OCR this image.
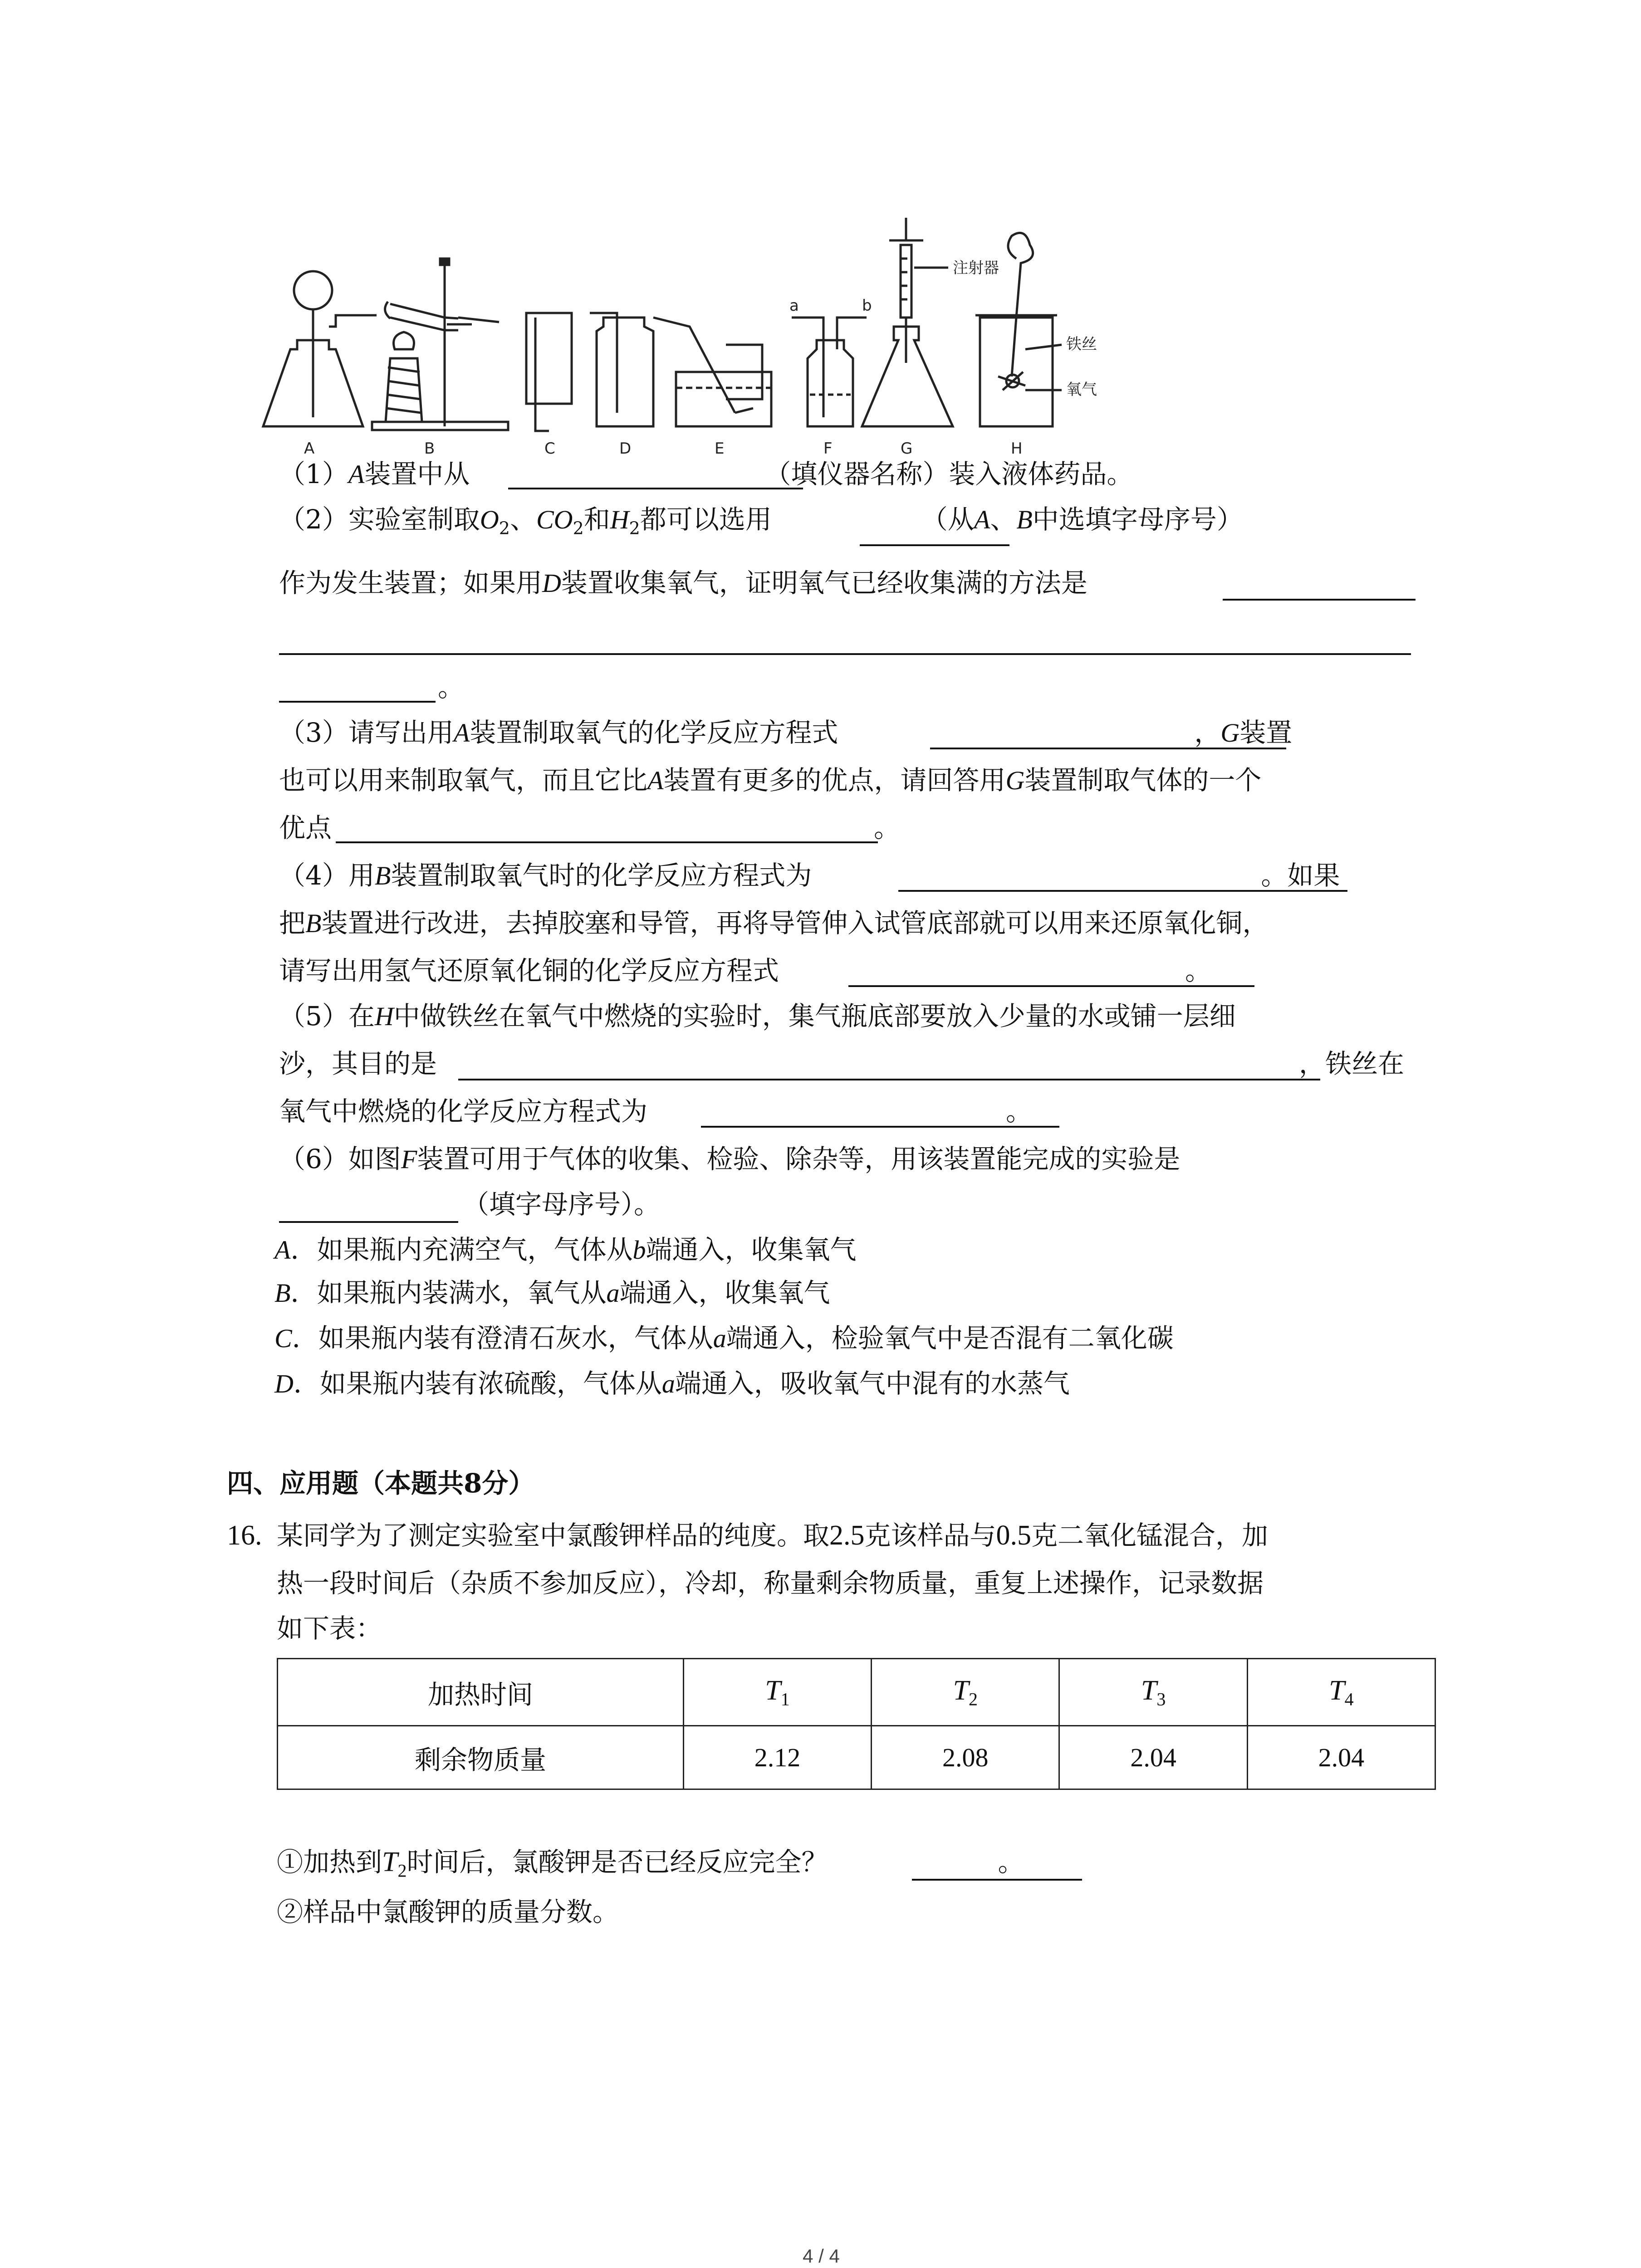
A	B	C	D	E	F	G	H
a	b
注射器
铁丝
氧气
（1）A装置中从	（填仪器名称）装入液体药品。
（2）实验室制取$O_2$、$CO_2$和$H_2$都可以选用	（从A、B中选填字母序号）
作为发生装置；如果用D装置收集氧气，证明氧气已经收集满的方法是
。
（3）请写出用A装置制取氧气的化学反应方程式	，G装置
也可以用来制取氧气，而且它比A装置有更多的优点，请回答用G装置制取气体的一个
优点	。
（4）用B装置制取氧气时的化学反应方程式为	。如果
把B装置进行改进，去掉胶塞和导管，再将导管伸入试管底部就可以用来还原氧化铜，
请写出用氢气还原氧化铜的化学反应方程式	。
（5）在H中做铁丝在氧气中燃烧的实验时，集气瓶底部要放入少量的水或铺一层细
沙，其目的是	，铁丝在
氧气中燃烧的化学反应方程式为	。
（6）如图F装置可用于气体的收集、检验、除杂等，用该装置能完成的实验是
（填字母序号）。
A．如果瓶内充满空气，气体从b端通入，收集氧气
B．如果瓶内装满水，氧气从a端通入，收集氧气
C．如果瓶内装有澄清石灰水，气体从a端通入，检验氧气中是否混有二氧化碳
D．如果瓶内装有浓硫酸，气体从a端通入，吸收氧气中混有的水蒸气
四、应用题（本题共8分）
16. 某同学为了测定实验室中氯酸钾样品的纯度。取2.5克该样品与0.5克二氧化锰混合，加
热一段时间后（杂质不参加反应），冷却，称量剩余物质量，重复上述操作，记录数据
如下表：
加热时间	$T_1$	$T_2$	$T_3$	$T_4$
剩余物质量	2.12	2.08	2.04	2.04
①加热到$T_2$时间后，氯酸钾是否已经反应完全？	。
②样品中氯酸钾的质量分数。
4 / 4
